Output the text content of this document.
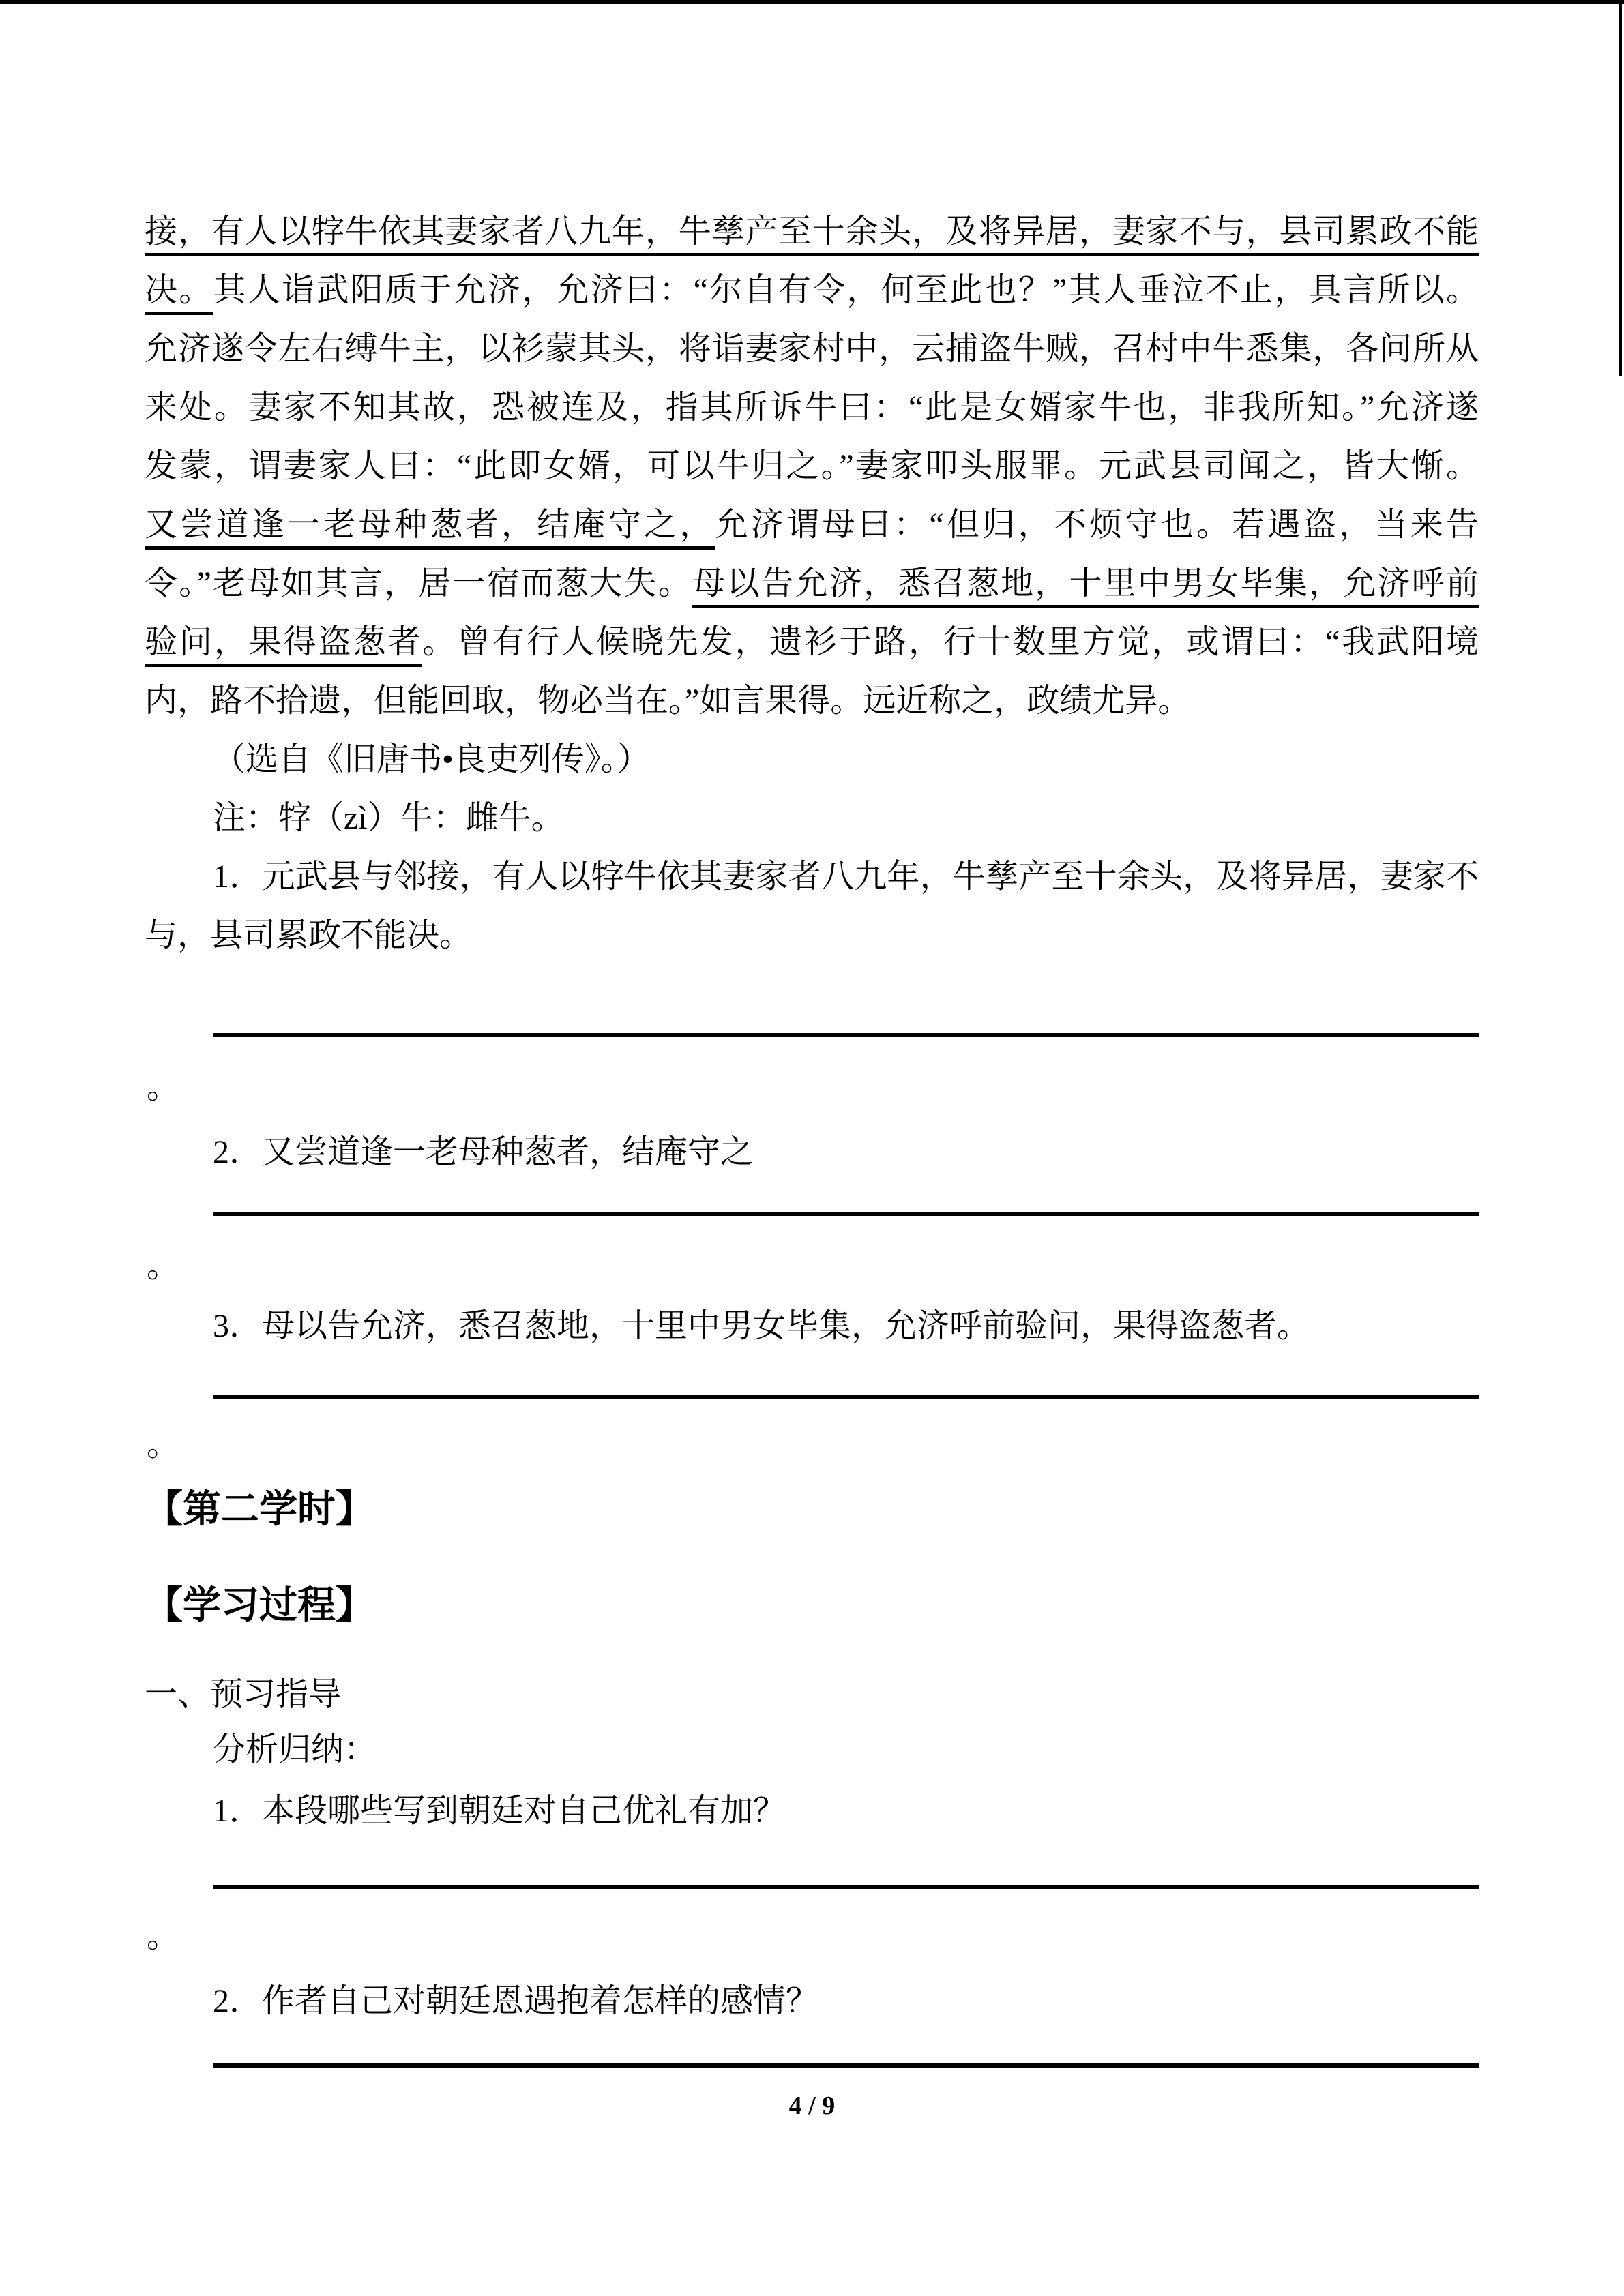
接，有人以牸牛依其妻家者八九年，牛孳产至十余头，及将异居，妻家不与，县司累政不能
决。其人诣武阳质于允济，允济曰：“尔自有令，何至此也？”其人垂泣不止，具言所以。
允济遂令左右缚牛主，以衫蒙其头，将诣妻家村中，云捕盗牛贼，召村中牛悉集，各问所从
来处。妻家不知其故，恐被连及，指其所诉牛曰：“此是女婿家牛也，非我所知。”允济遂
发蒙，谓妻家人曰：“此即女婿，可以牛归之。”妻家叩头服罪。元武县司闻之，皆大惭。
又尝道逢一老母种葱者，结庵守之，允济谓母曰：“但归，不烦守也。若遇盗，当来告
令。”老母如其言，居一宿而葱大失。母以告允济，悉召葱地，十里中男女毕集，允济呼前
验问，果得盗葱者。曾有行人候晓先发，遗衫于路，行十数里方觉，或谓曰：“我武阳境
内，路不拾遗，但能回取，物必当在。”如言果得。远近称之，政绩尤异。
（选自《旧唐书•良吏列传》。）
注：牸（zì）牛：雌牛。
1．元武县与邻接，有人以牸牛依其妻家者八九年，牛孳产至十余头，及将异居，妻家不
与，县司累政不能决。
。
2．又尝道逢一老母种葱者，结庵守之
。
3．母以告允济，悉召葱地，十里中男女毕集，允济呼前验问，果得盗葱者。
。
【第二学时】
【学习过程】
一、预习指导
分析归纳：
1．本段哪些写到朝廷对自己优礼有加？
。
2．作者自己对朝廷恩遇抱着怎样的感情？
4 / 9
